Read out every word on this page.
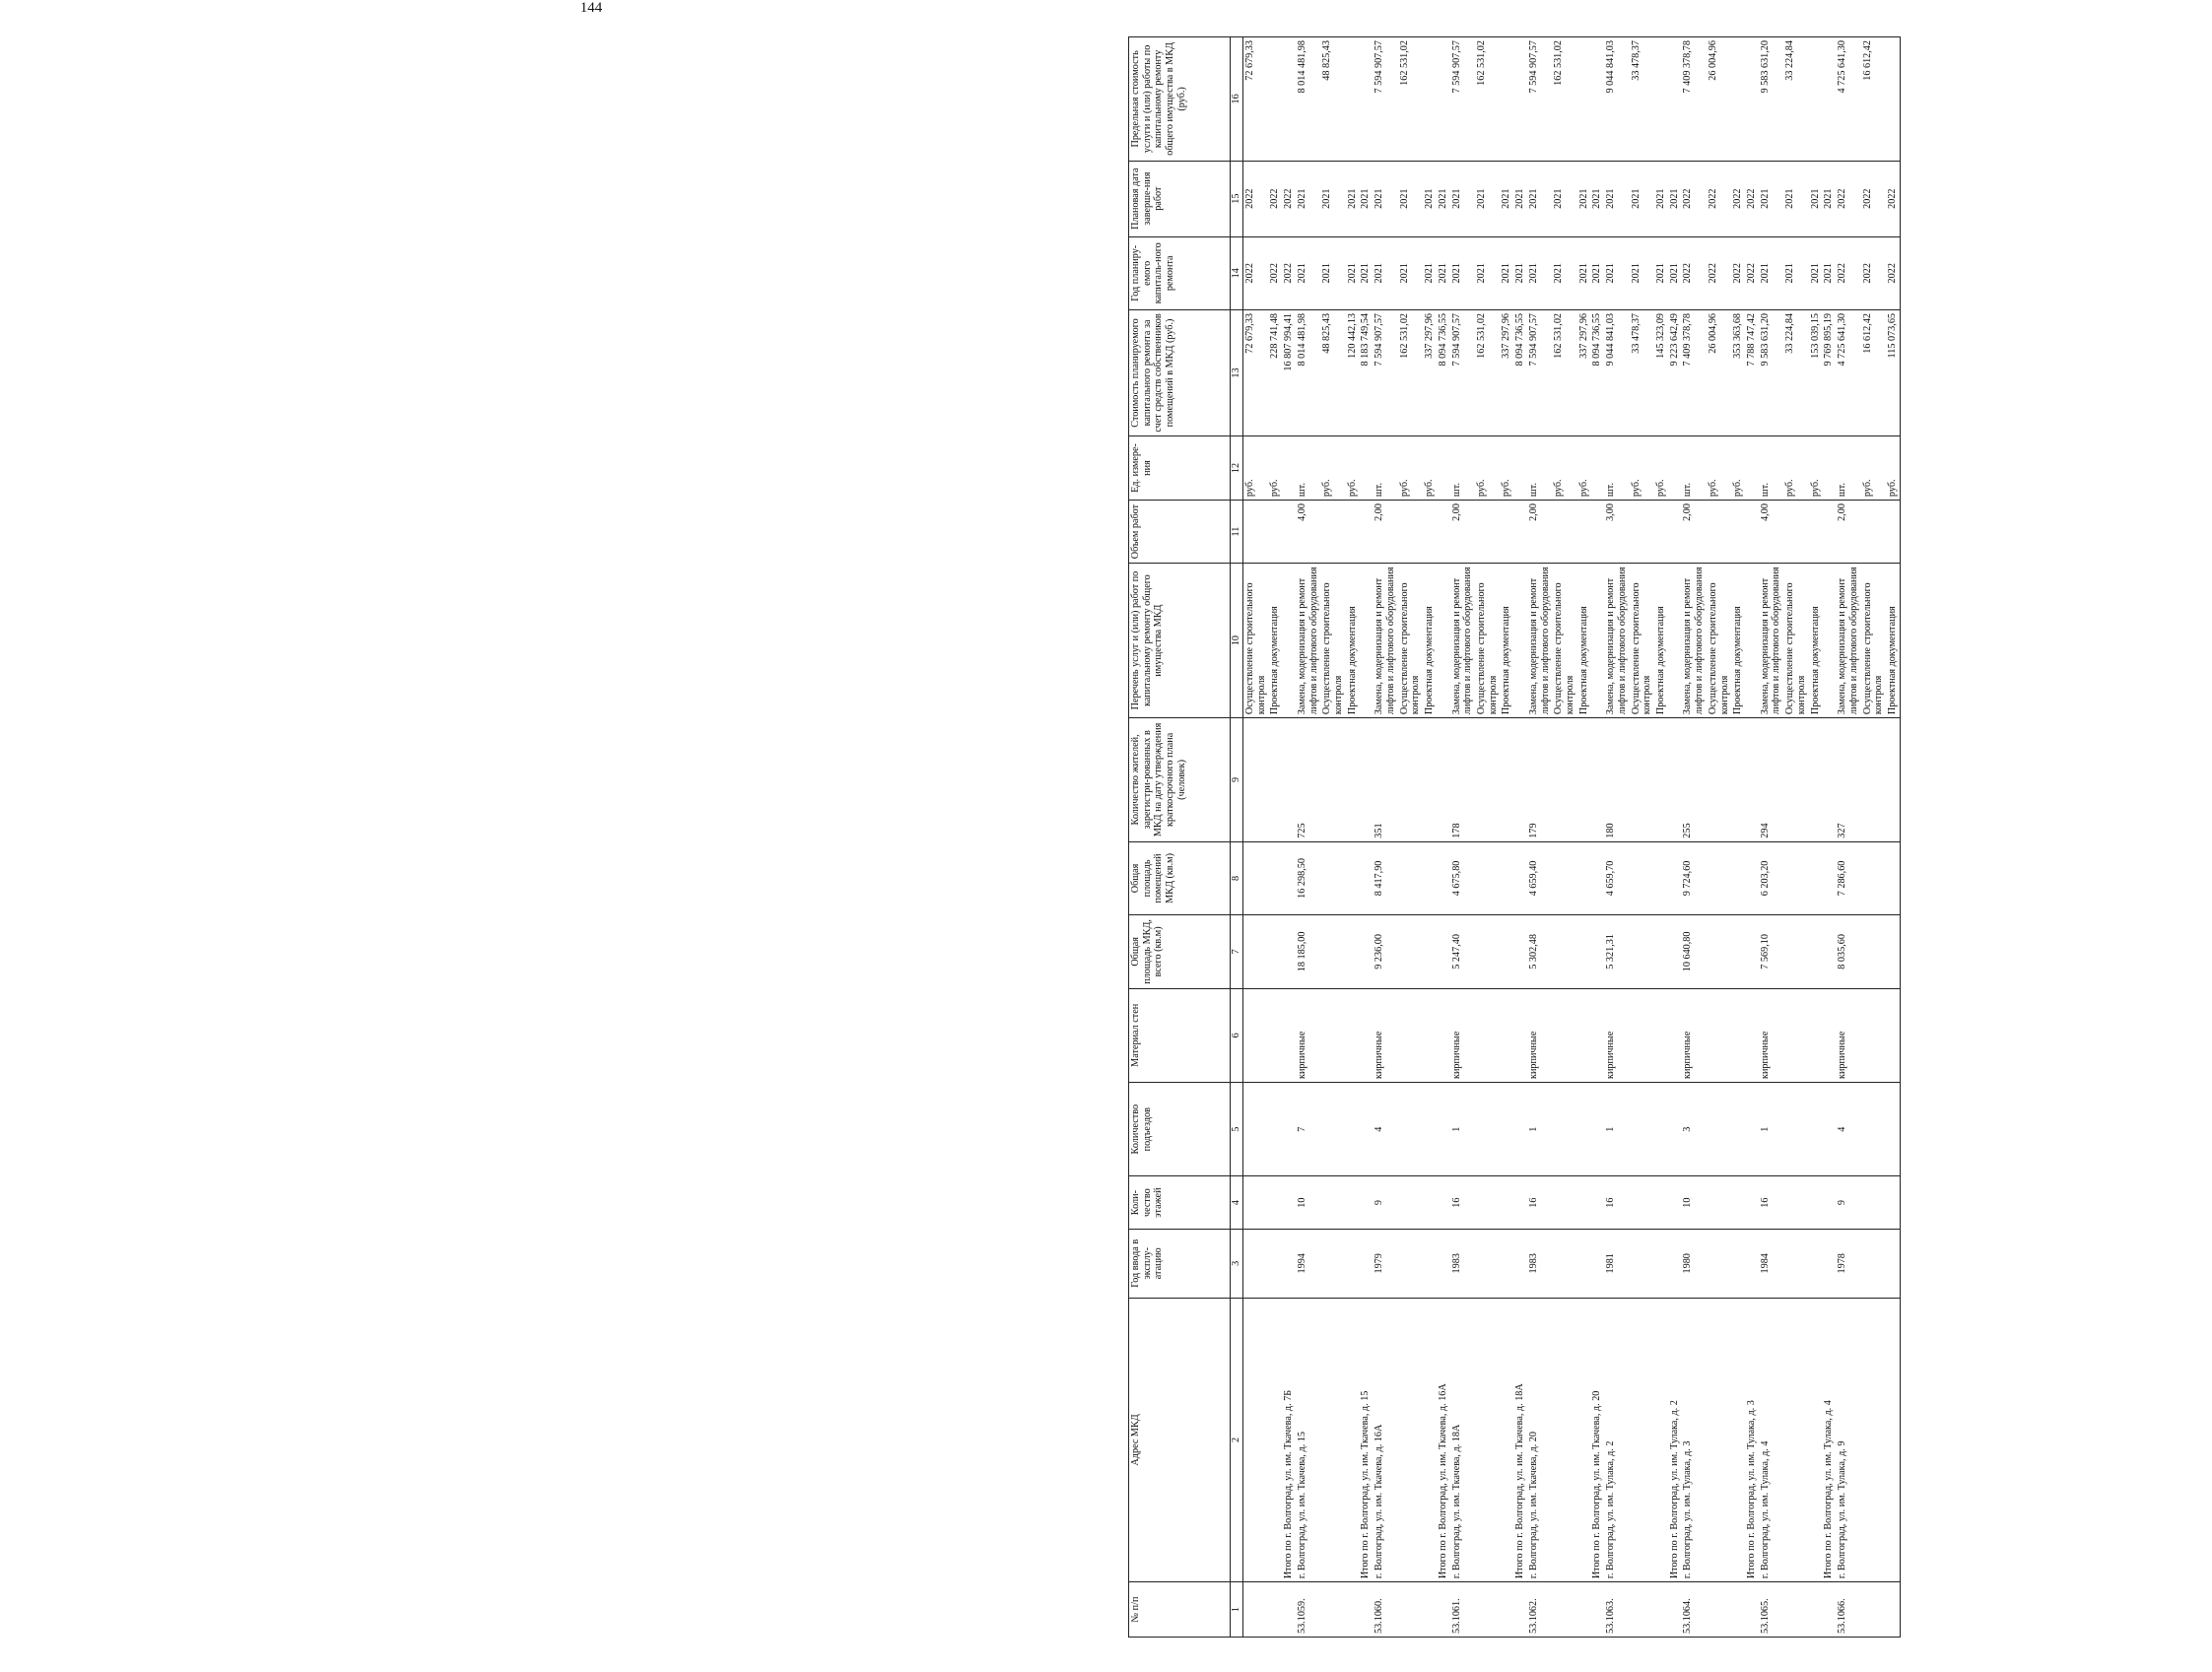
144
№ п/п	Адрес МКД	Год ввода в эксплу-атацию	Коли-чество этажей	Количество подъездов	Материал стен	Общая площадь МКД, всего (кв.м)	Общая площадь помещений МКД (кв.м)	Количество жителей, зарегистри-рованных в МКД на дату утверждения краткосрочного плана (человек)	Перечень услуг и (или) работ по капитальному ремонту общего имущества МКД	Объем работ	Ед. измере-ния	Стоимость планируемого капитального ремонта за счет средств собственников помещений в МКД (руб.)	Год планиру-емого капиталь-ного ремонта	Плановая дата заверше-ния работ	Предельная стоимость услуги и (или) работы по капитальному ремонту общего имущества в МКД (руб.)
1	2	3	4	5	6	7	8	9	10	11	12	13	14	15	16
									Осуществление строительного контроля		руб.	72 679,33	2022	2022	72 679,33
									Проектная документация		руб.	228 741,48	2022	2022	
	Итого по г. Волгоград, ул. им. Ткачева, д. 7Б											16 807 994,41	2022	2022	
53.1059.	г. Волгоград, ул. им. Ткачева, д. 15	1994	10	7	кирпичные	18 185,00	16 298,50	725	Замена, модернизация и ремонт лифтов и лифтового оборудования	4,00	шт.	8 014 481,98	2021	2021	8 014 481,98
									Осуществление строительного контроля		руб.	48 825,43	2021	2021	48 825,43
									Проектная документация		руб.	120 442,13	2021	2021	
	Итого по г. Волгоград, ул. им. Ткачева, д. 15											8 183 749,54	2021	2021	
53.1060.	г. Волгоград, ул. им. Ткачева, д. 16А	1979	9	4	кирпичные	9 236,00	8 417,90	351	Замена, модернизация и ремонт лифтов и лифтового оборудования	2,00	шт.	7 594 907,57	2021	2021	7 594 907,57
									Осуществление строительного контроля		руб.	162 531,02	2021	2021	162 531,02
									Проектная документация		руб.	337 297,96	2021	2021	
	Итого по г. Волгоград, ул. им. Ткачева, д. 16А											8 094 736,55	2021	2021	
53.1061.	г. Волгоград, ул. им. Ткачева, д. 18А	1983	16	1	кирпичные	5 247,40	4 675,80	178	Замена, модернизация и ремонт лифтов и лифтового оборудования	2,00	шт.	7 594 907,57	2021	2021	7 594 907,57
									Осуществление строительного контроля		руб.	162 531,02	2021	2021	162 531,02
									Проектная документация		руб.	337 297,96	2021	2021	
	Итого по г. Волгоград, ул. им. Ткачева, д. 18А											8 094 736,55	2021	2021	
53.1062.	г. Волгоград, ул. им. Ткачева, д. 20	1983	16	1	кирпичные	5 302,48	4 659,40	179	Замена, модернизация и ремонт лифтов и лифтового оборудования	2,00	шт.	7 594 907,57	2021	2021	7 594 907,57
									Осуществление строительного контроля		руб.	162 531,02	2021	2021	162 531,02
									Проектная документация		руб.	337 297,96	2021	2021	
	Итого по г. Волгоград, ул. им. Ткачева, д. 20											8 094 736,55	2021	2021	
53.1063.	г. Волгоград, ул. им. Тулака, д. 2	1981	16	1	кирпичные	5 321,31	4 659,70	180	Замена, модернизация и ремонт лифтов и лифтового оборудования	3,00	шт.	9 044 841,03	2021	2021	9 044 841,03
									Осуществление строительного контроля		руб.	33 478,37	2021	2021	33 478,37
									Проектная документация		руб.	145 323,09	2021	2021	
	Итого по г. Волгоград, ул. им. Тулака, д. 2											9 223 642,49	2021	2021	
53.1064.	г. Волгоград, ул. им. Тулака, д. 3	1980	10	3	кирпичные	10 640,80	9 724,60	255	Замена, модернизация и ремонт лифтов и лифтового оборудования	2,00	шт.	7 409 378,78	2022	2022	7 409 378,78
									Осуществление строительного контроля		руб.	26 004,96	2022	2022	26 004,96
									Проектная документация		руб.	353 363,68	2022	2022	
	Итого по г. Волгоград, ул. им. Тулака, д. 3											7 788 747,42	2022	2022	
53.1065.	г. Волгоград, ул. им. Тулака, д. 4	1984	16	1	кирпичные	7 569,10	6 203,20	294	Замена, модернизация и ремонт лифтов и лифтового оборудования	4,00	шт.	9 583 631,20	2021	2021	9 583 631,20
									Осуществление строительного контроля		руб.	33 224,84	2021	2021	33 224,84
									Проектная документация		руб.	153 039,15	2021	2021	
	Итого по г. Волгоград, ул. им. Тулака, д. 4											9 769 895,19	2021	2021	
53.1066.	г. Волгоград, ул. им. Тулака, д. 9	1978	9	4	кирпичные	8 035,60	7 286,60	327	Замена, модернизация и ремонт лифтов и лифтового оборудования	2,00	шт.	4 725 641,30	2022	2022	4 725 641,30
									Осуществление строительного контроля		руб.	16 612,42	2022	2022	16 612,42
									Проектная документация		руб.	115 073,65	2022	2022	
